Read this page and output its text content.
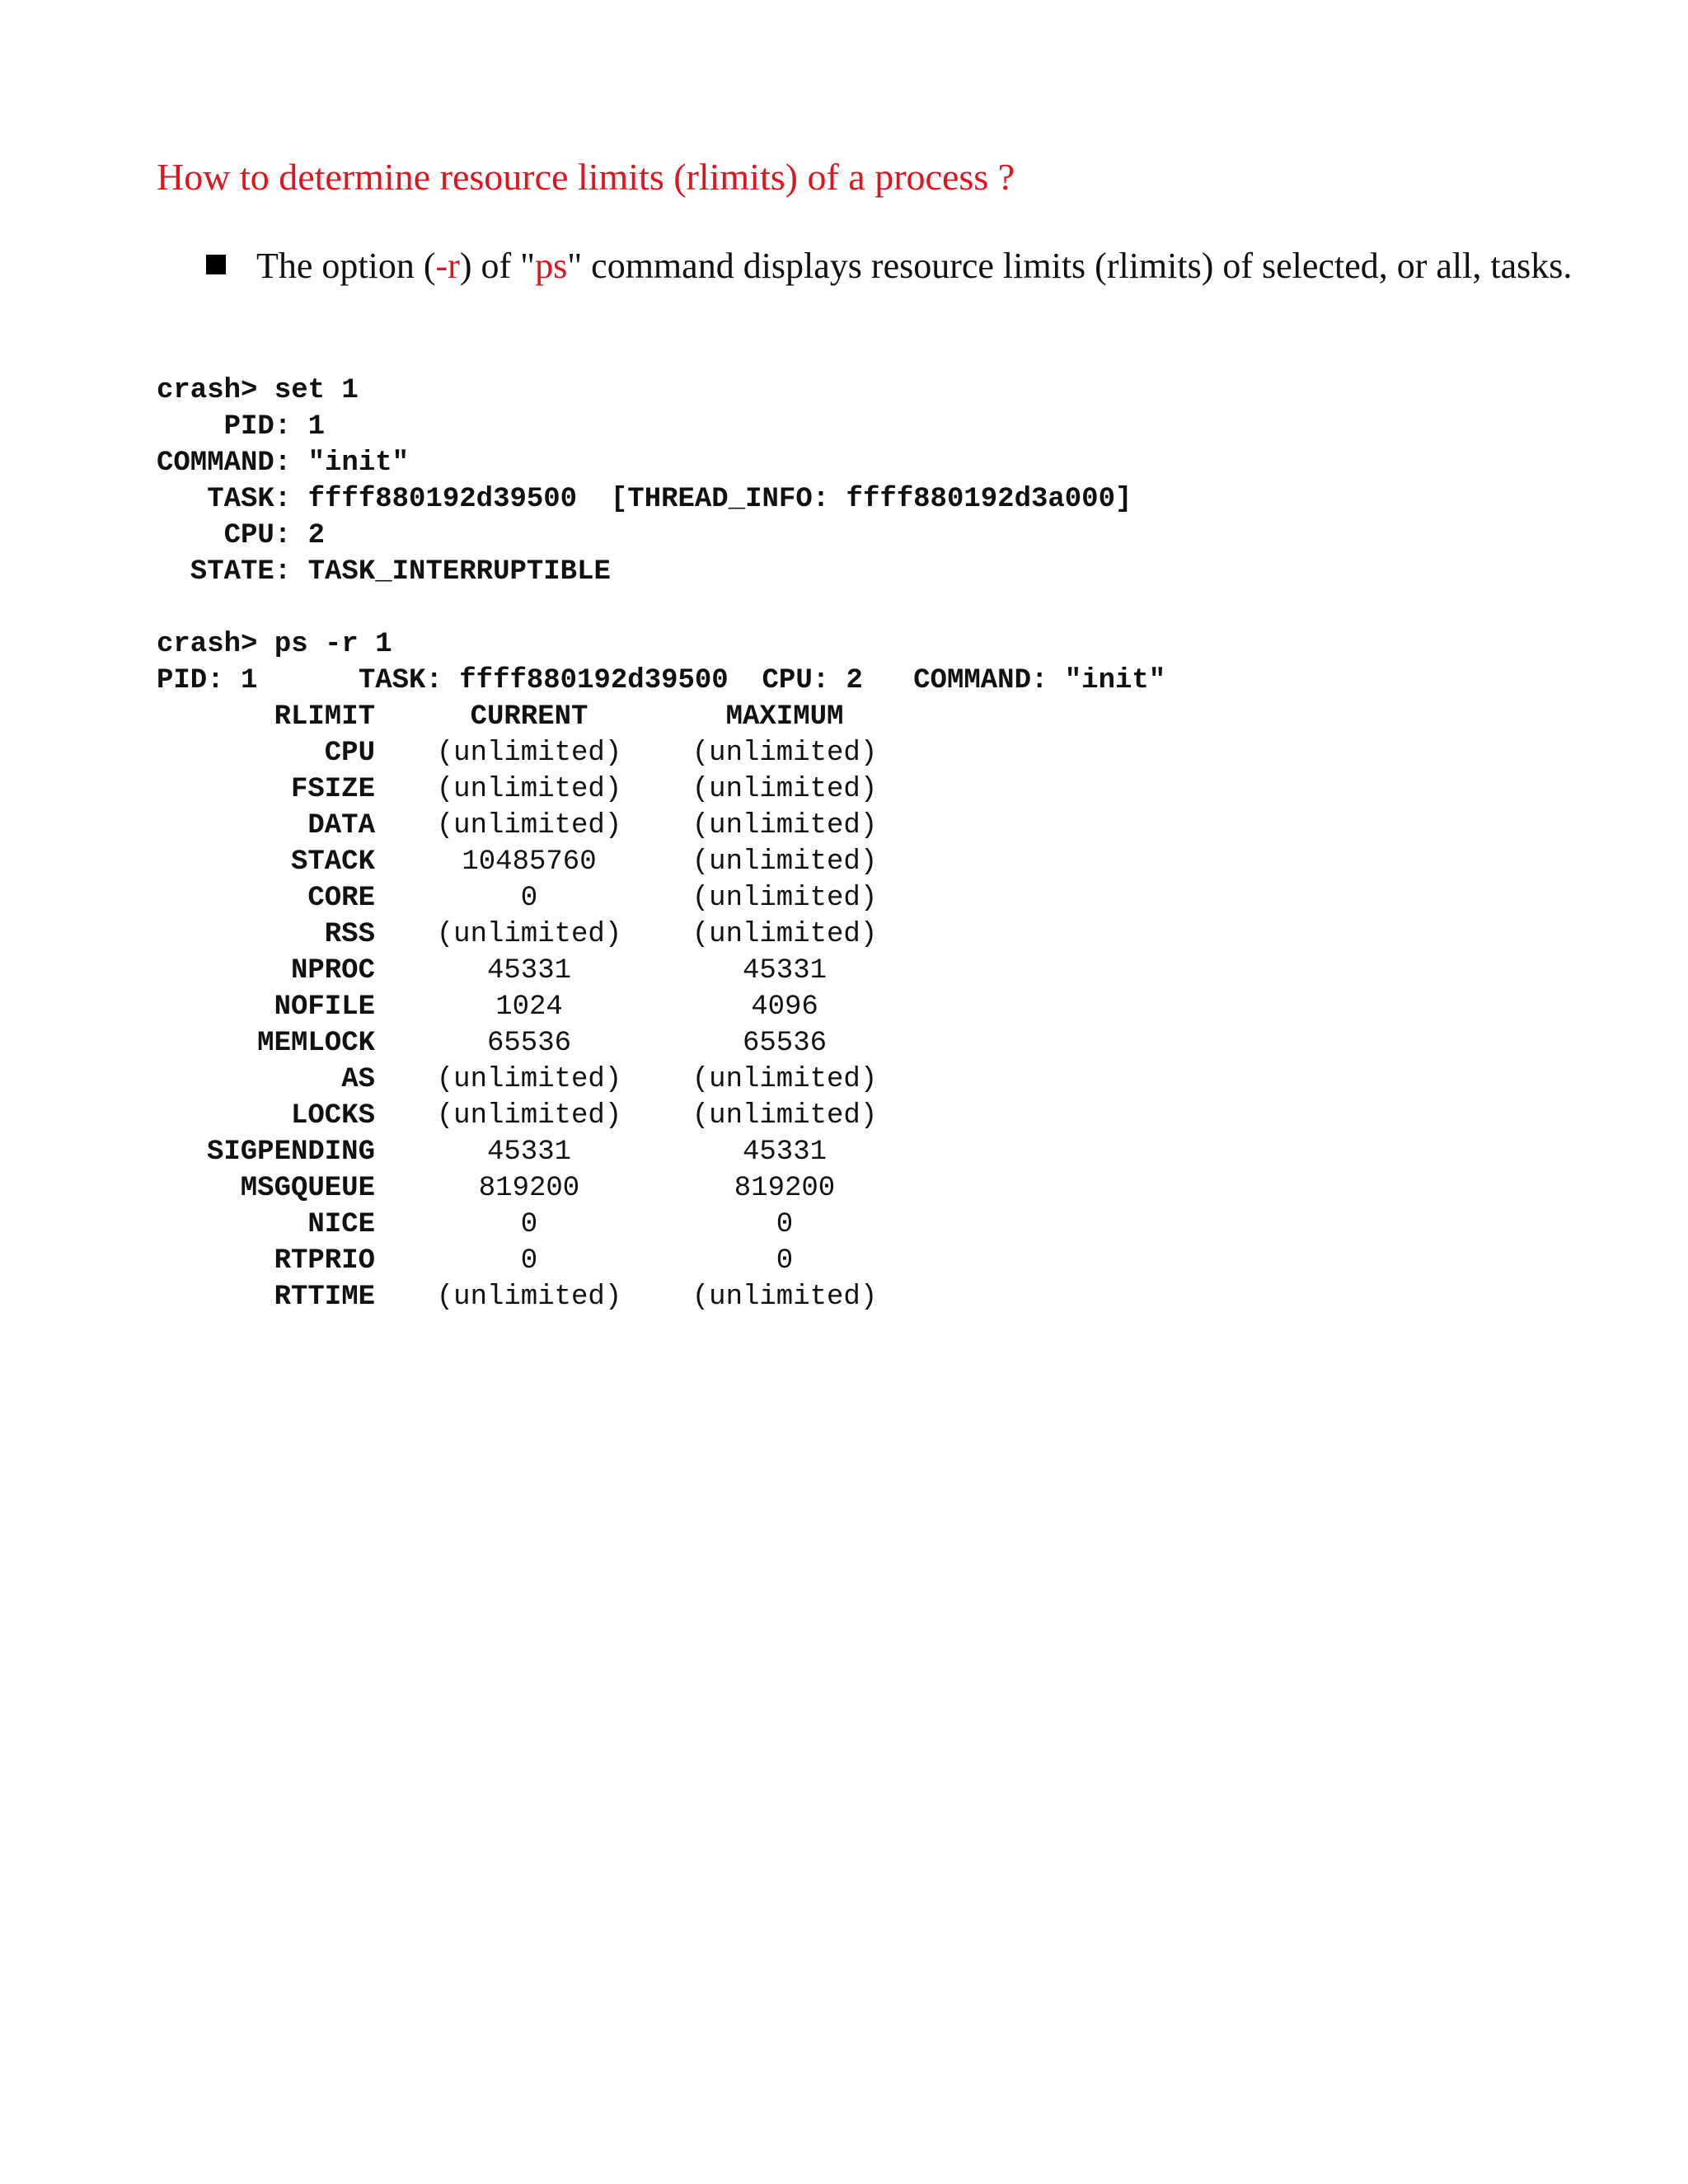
How to determine resource limits (rlimits) of a process ?
The option (-r) of "ps" command displays resource limits (rlimits) of selected, or all, tasks.
crash> set 1
PID: 1
COMMAND: "init"
TASK: ffff880192d39500  [THREAD_INFO: ffff880192d3a000]
CPU: 2
STATE: TASK_INTERRUPTIBLE
crash> ps -r 1
PID: 1      TASK: ffff880192d39500  CPU: 2   COMMAND: "init"
RLIMIT	CURRENT	MAXIMUM
CPU (unlimited)	(unlimited)
FSIZE (unlimited)	(unlimited)
DATA (unlimited)	(unlimited)
STACK	10485760	(unlimited)
CORE	0	(unlimited)
RSS (unlimited)	(unlimited)
NPROC	45331	45331
NOFILE	1024	4096
MEMLOCK	65536	65536
AS (unlimited)	(unlimited)
LOCKS (unlimited)	(unlimited)
SIGPENDING	45331	45331
MSGQUEUE	819200	819200
NICE	0	0
RTPRIO	0	0
RTTIME (unlimited)	(unlimited)
